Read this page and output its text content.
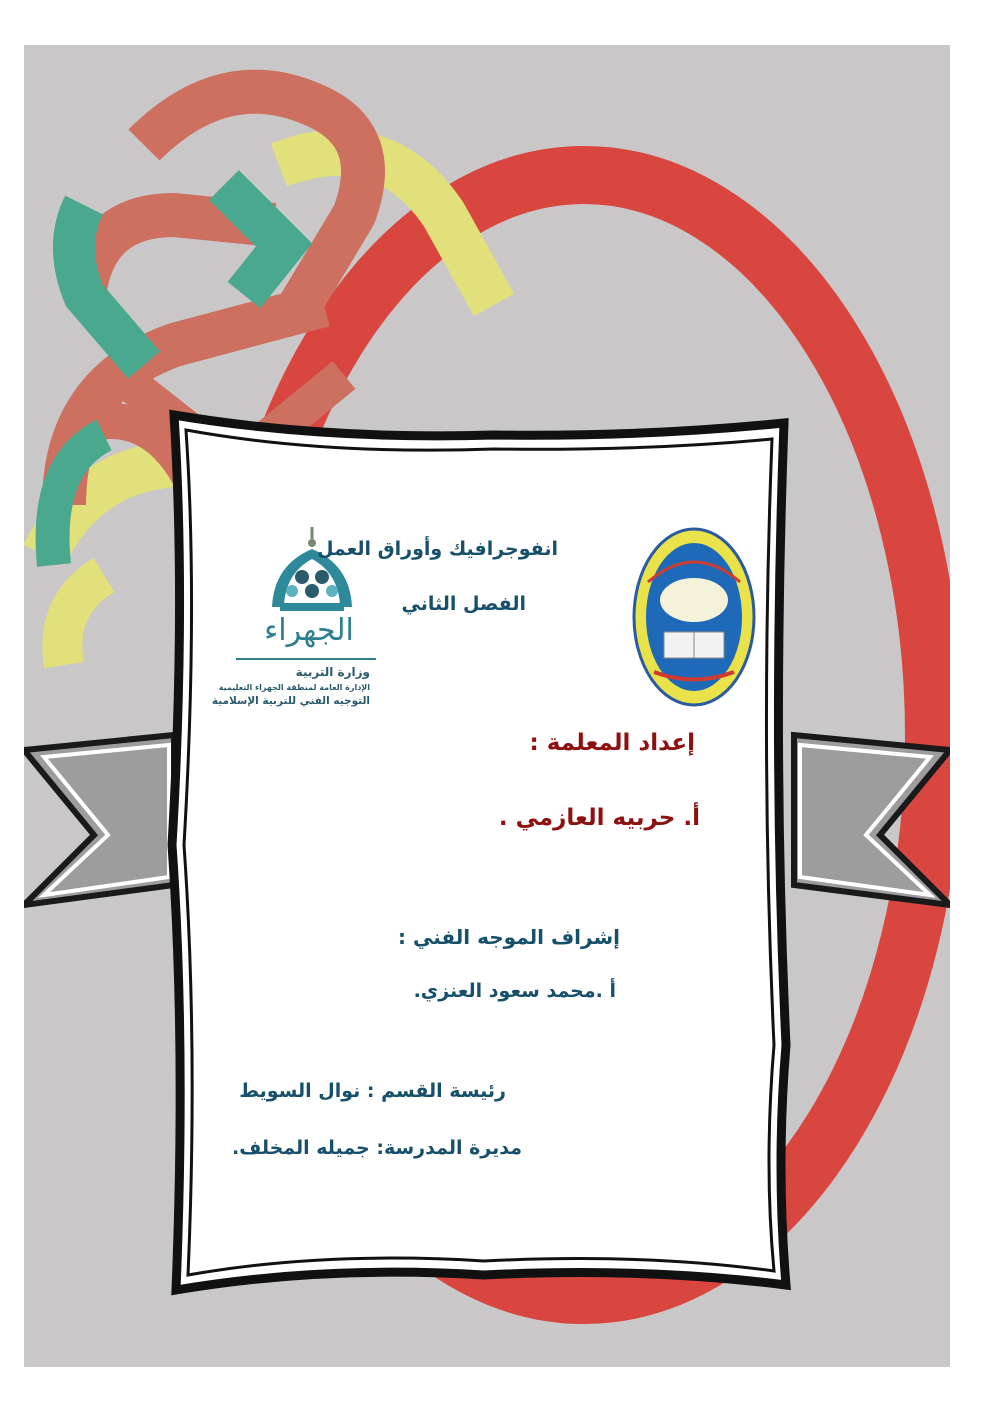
الجهراء
وزارة التربية
الإدارة العامة لمنطقة الجهراء التعليمية
التوجيه الفني للتربية الإسلامية
انفوجرافيك وأوراق العمل
الفصل الثاني
إعداد المعلمة :
أ. حربيه العازمي .
إشراف الموجه الفني :
أ .محمد سعود العنزي.
رئيسة القسم : نوال السويط
مديرة المدرسة: جميله المخلف.
